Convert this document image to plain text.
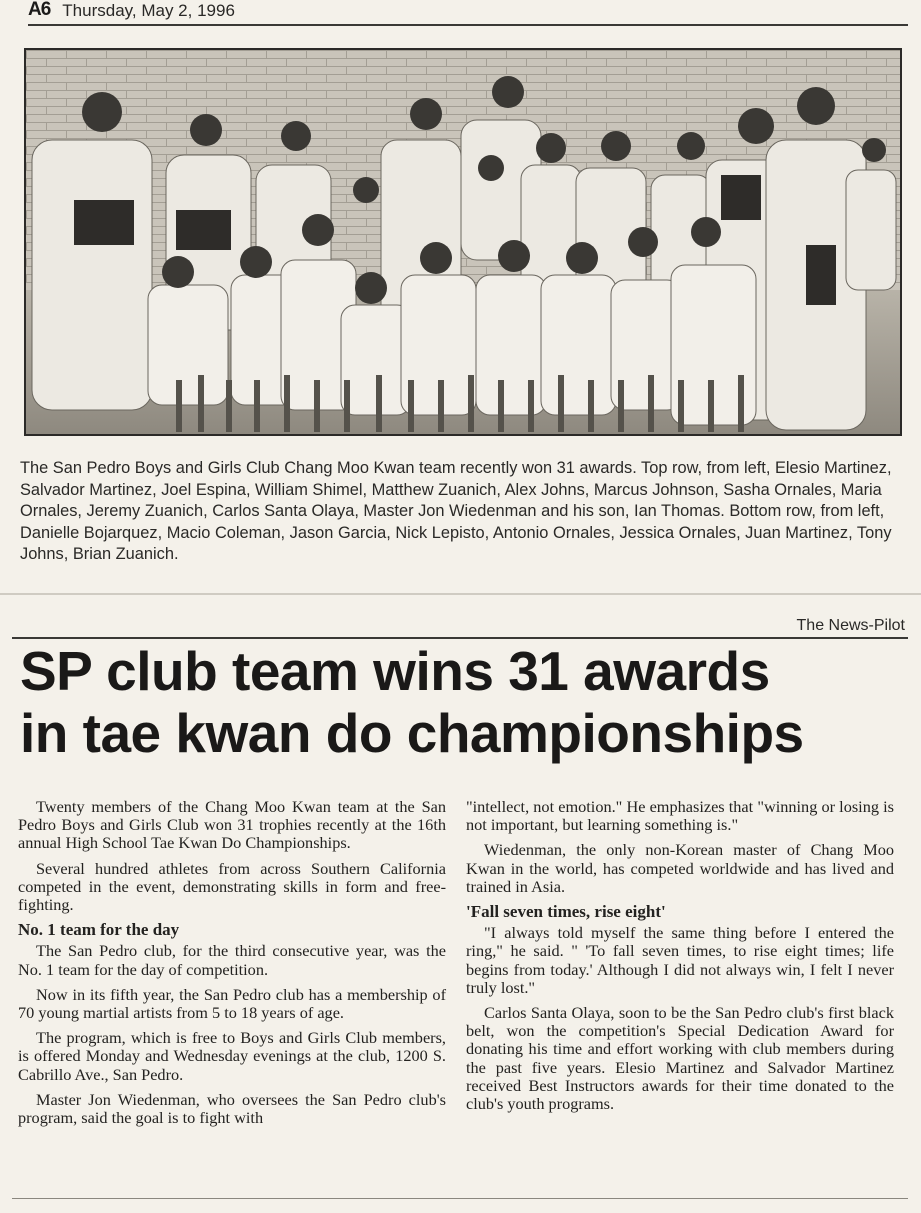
A6 Thursday, May 2, 1996

The San Pedro Boys and Girls Club Chang Moo Kwan team recently won 31 awards. Top row, from left, Elesio Martinez, Salvador Martinez, Joel Espina, William Shimel, Matthew Zuanich, Alex Johns, Marcus Johnson, Sasha Ornales, Maria Ornales, Jeremy Zuanich, Carlos Santa Olaya, Master Jon Wiedenman and his son, Ian Thomas. Bottom row, from left, Danielle Bojarquez, Macio Coleman, Jason Garcia, Nick Lepisto, Antonio Ornales, Jessica Ornales, Juan Martinez, Tony Johns, Brian Zuanich.

The News-Pilot
SP club team wins 31 awards
in tae kwan do championships

Twenty members of the Chang Moo Kwan team at the San Pedro Boys and Girls Club won 31 trophies recently at the 16th annual High School Tae Kwan Do Championships.

Several hundred athletes from across Southern California competed in the event, demonstrating skills in form and free-fighting.

No. 1 team for the day

The San Pedro club, for the third consecutive year, was the No. 1 team for the day of competition.

Now in its fifth year, the San Pedro club has a membership of 70 young martial artists from 5 to 18 years of age.

The program, which is free to Boys and Girls Club members, is offered Monday and Wednesday evenings at the club, 1200 S. Cabrillo Ave., San Pedro.

Master Jon Wiedenman, who oversees the San Pedro club's program, said the goal is to fight with

"intellect, not emotion." He emphasizes that "winning or losing is not important, but learning something is."

Wiedenman, the only non-Korean master of Chang Moo Kwan in the world, has competed worldwide and has lived and trained in Asia.

'Fall seven times, rise eight'

"I always told myself the same thing before I entered the ring," he said. " 'To fall seven times, to rise eight times; life begins from today.' Although I did not always win, I felt I never truly lost."

Carlos Santa Olaya, soon to be the San Pedro club's first black belt, won the competition's Special Dedication Award for donating his time and effort working with club members during the past five years. Elesio Martinez and Salvador Martinez received Best Instructors awards for their time donated to the club's youth programs.
